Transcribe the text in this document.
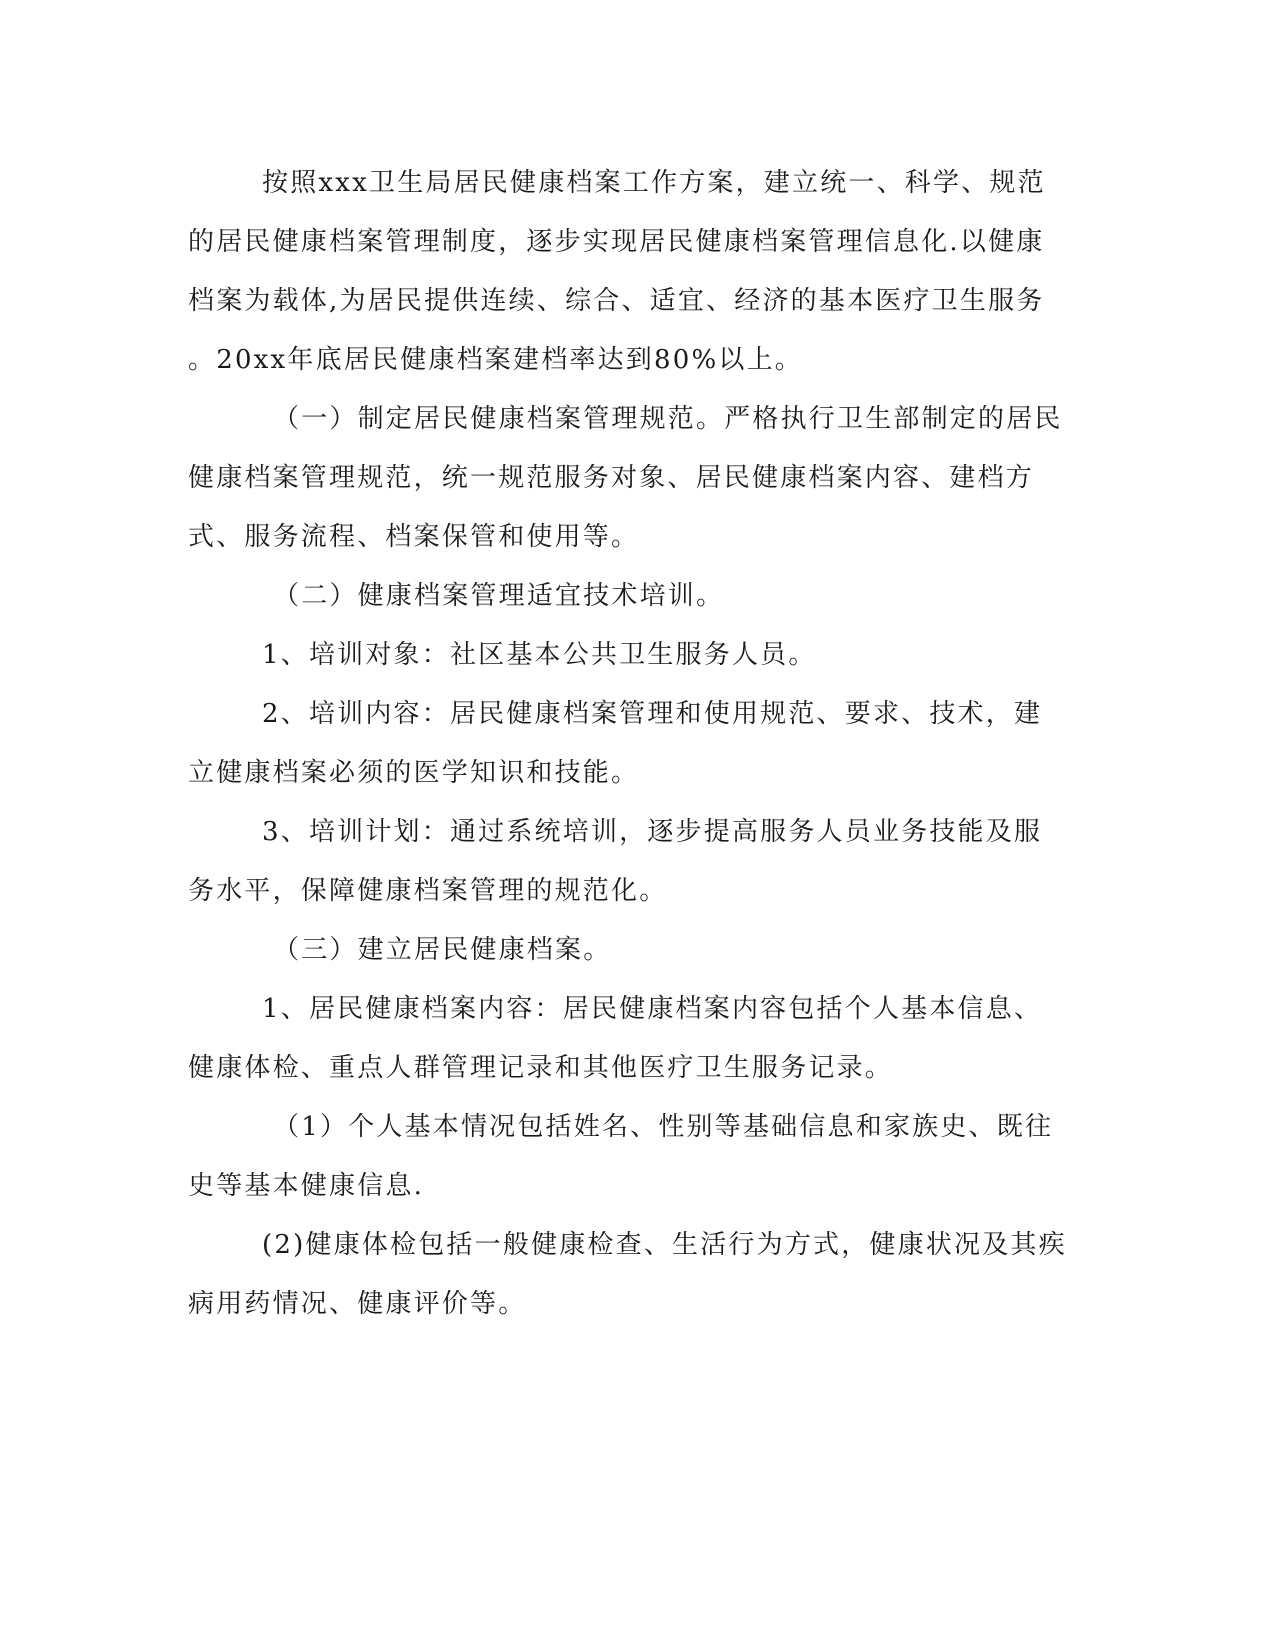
按照xxx卫生局居民健康档案工作方案，建立统一、科学、规范
的居民健康档案管理制度，逐步实现居民健康档案管理信息化.以健康
档案为载体,为居民提供连续、综合、适宜、经济的基本医疗卫生服务
。20xx年底居民健康档案建档率达到80%以上。
（一）制定居民健康档案管理规范。严格执行卫生部制定的居民
健康档案管理规范，统一规范服务对象、居民健康档案内容、建档方
式、服务流程、档案保管和使用等。
（二）健康档案管理适宜技术培训。
1、培训对象：社区基本公共卫生服务人员。
2、培训内容：居民健康档案管理和使用规范、要求、技术，建
立健康档案必须的医学知识和技能。
3、培训计划：通过系统培训，逐步提高服务人员业务技能及服
务水平，保障健康档案管理的规范化。
（三）建立居民健康档案。
1、居民健康档案内容：居民健康档案内容包括个人基本信息、
健康体检、重点人群管理记录和其他医疗卫生服务记录。
（1）个人基本情况包括姓名、性别等基础信息和家族史、既往
史等基本健康信息.
(2)健康体检包括一般健康检查、生活行为方式，健康状况及其疾
病用药情况、健康评价等。
